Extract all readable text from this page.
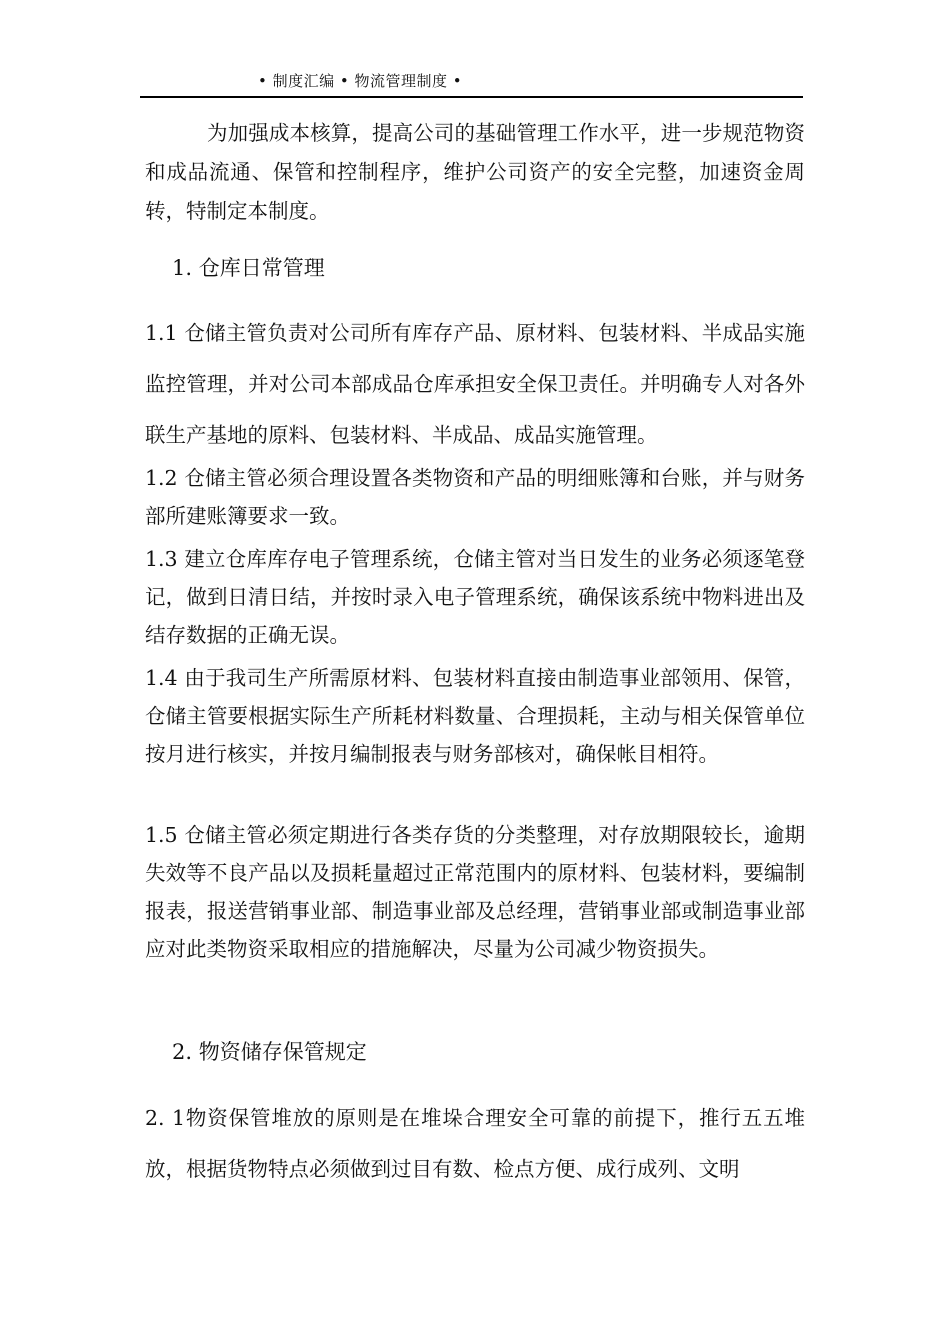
• 制度汇编 • 物流管理制度 •

为加强成本核算，提高公司的基础管理工作水平，进一步规范物资和成品流通、保管和控制程序，维护公司资产的安全完整，加速资金周转，特制定本制度。

1. 仓库日常管理

1.1 仓储主管负责对公司所有库存产品、原材料、包装材料、半成品实施监控管理，并对公司本部成品仓库承担安全保卫责任。并明确专人对各外联生产基地的原料、包装材料、半成品、成品实施管理。

1.2 仓储主管必须合理设置各类物资和产品的明细账簿和台账，并与财务部所建账簿要求一致。

1.3 建立仓库库存电子管理系统，仓储主管对当日发生的业务必须逐笔登记，做到日清日结，并按时录入电子管理系统，确保该系统中物料进出及结存数据的正确无误。

1.4 由于我司生产所需原材料、包装材料直接由制造事业部领用、保管，仓储主管要根据实际生产所耗材料数量、合理损耗，主动与相关保管单位按月进行核实，并按月编制报表与财务部核对，确保帐目相符。

1.5 仓储主管必须定期进行各类存货的分类整理，对存放期限较长，逾期失效等不良产品以及损耗量超过正常范围内的原材料、包装材料，要编制报表，报送营销事业部、制造事业部及总经理，营销事业部或制造事业部应对此类物资采取相应的措施解决，尽量为公司减少物资损失。

2. 物资储存保管规定

2. 1物资保管堆放的原则是在堆垛合理安全可靠的前提下，推行五五堆放，根据货物特点必须做到过目有数、检点方便、成行成列、文明
